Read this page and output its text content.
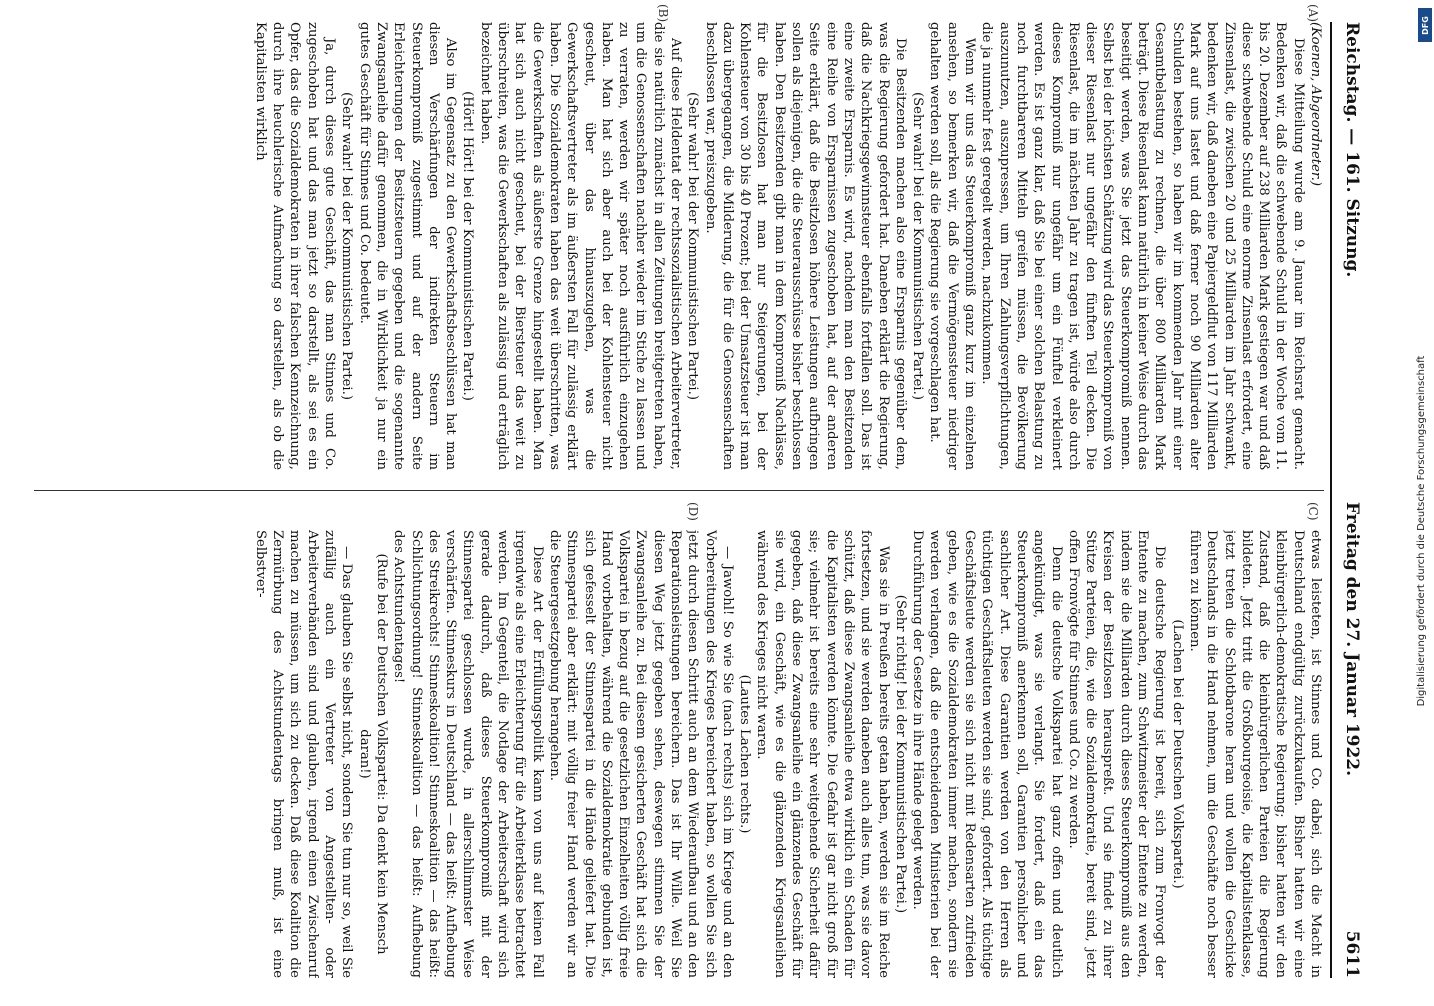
Reichstag. — 161. Sitzung.
Freitag den 27. Januar 1922.
5611

(Koenen, Abgeordneter.)

Diese Mitteilung wurde am 9. Januar im Reichsrat gemacht. Bedenken wir, daß die schwebende Schuld in der Woche vom 11. bis 20. Dezember auf 238 Milliarden Mark gestiegen war und daß diese schwebende Schuld eine enorme Zinsenlast erfordert, eine Zinsenlast, die zwischen 20 und 25 Milliarden im Jahr schwankt, bedenken wir, daß daneben eine Papiergeldflut von 117 Milliarden Mark auf uns lastet und daß ferner noch 90 Milliarden alter Schulden bestehen, so haben wir im kommenden Jahr mit einer Gesamtbelastung zu rechnen, die über 800 Milliarden Mark beträgt. Diese Riesenlast kann natürlich in keiner Weise durch das beseitigt werden, was Sie jetzt das Steuerkompromiß nennen. Selbst bei der höchsten Schätzung wird das Steuerkompromiß von dieser Riesenlast nur ungefähr den fünften Teil decken. Die Riesenlast, die im nächsten Jahr zu tragen ist, würde also durch dieses Kompromiß nur ungefähr um ein Fünftel verkleinert werden. Es ist ganz klar, daß Sie bei einer solchen Belastung zu noch furchtbareren Mitteln greifen müssen, die Bevölkerung auszunutzen, auszupressen, um Ihren Zahlungsverpflichtungen, die ja nunmehr fest geregelt werden, nachzukommen.

Wenn wir uns das Steuerkompromiß ganz kurz im einzelnen ansehen, so bemerken wir, daß die Vermögenssteuer niedriger gehalten werden soll, als die Regierung sie vorgeschlagen hat.

(Sehr wahr! bei der Kommunistischen Partei.)

Die Besitzenden machen also eine Ersparnis gegenüber dem, was die Regierung gefordert hat. Daneben erklärt die Regierung, daß die Nachkriegsgewinnsteuer ebenfalls fortfallen soll. Das ist eine zweite Ersparnis. Es wird, nachdem man den Besitzenden eine Reihe von Ersparnissen zugeschoben hat, auf der anderen Seite erklärt, daß die Besitzlosen höhere Leistungen aufbringen sollen als diejenigen, die die Steuerausschüsse bisher beschlossen haben. Den Besitzenden gibt man in dem Kompromiß Nachlässe, für die Besitzlosen hat man nur Steigerungen, bei der Kohlensteuer von 30 bis 40 Prozent; bei der Umsatzsteuer ist man dazu übergegangen, die Milderung, die für die Genossenschaften beschlossen war, preiszugeben.

(Sehr wahr! bei der Kommunistischen Partei.)

Auf diese Heldentat der rechtssozialistischen Arbeitervertreter, die sie natürlich zunächst in allen Zeitungen breitgetreten haben, um die Genossenschaften nachher wieder im Stiche zu lassen und zu verraten, werden wir später noch ausführlich einzugehen haben. Man hat sich aber auch bei der Kohlensteuer nicht gescheut, über das hinauszugehen, was die Gewerkschaftsvertreter als im äußersten Fall für zulässig erklärt haben. Die Sozialdemokraten haben das weit überschritten, was die Gewerkschaften als äußerste Grenze hingestellt haben. Man hat sich auch nicht gescheut, bei der Biersteuer das weit zu überschreiten, was die Gewerkschaften als zulässig und erträglich bezeichnet haben.

(Hört! Hört! bei der Kommunistischen Partei.)

Also im Gegensatz zu den Gewerkschaftsbeschlüssen hat man diesen Verschärfungen der indirekten Steuern im Steuerkompromiß zugestimmt und auf der andern Seite Erleichterungen der Besitzsteuern gegeben und die sogenannte Zwangsanleihe dafür genommen, die in Wirklichkeit ja nur ein gutes Geschäft für Stinnes und Co. bedeutet.

(Sehr wahr! bei der Kommunistischen Partei.)

Ja, durch dieses gute Geschäft, das man Stinnes und Co. zugeschoben hat und das man jetzt so darstellt, als sei es ein Opfer, das die Sozialdemokraten in ihrer falschen Kennzeichnung, durch ihre heuchlerische Aufmachung so darstellen, als ob die Kapitalisten wirklich

etwas leisteten, ist Stinnes und Co. dabei, sich die Macht in Deutschland endgültig zurückzukaufen. Bisher hatten wir eine kleinbürgerlich-demokratische Regierung; bisher hatten wir den Zustand, daß die kleinbürgerlichen Parteien die Regierung bildeten. Jetzt tritt die Großbourgeoisie, die Kapitalistenklasse, jetzt treten die Schlotbarone heran und wollen die Geschicke Deutschlands in die Hand nehmen, um die Geschäfte noch besser führen zu können.

(Lachen bei der Deutschen Volkspartei.)

Die deutsche Regierung ist bereit, sich zum Fronvogt der Entente zu machen, zum Schwitzmeister der Entente zu werden, indem sie die Milliarden durch dieses Steuerkompromiß aus den Kreisen der Besitzlosen herauspreßt. Und sie findet zu ihrer Stütze Parteien, die, wie die Sozialdemokratie, bereit sind, jetzt offen Fronvögte für Stinnes und Co. zu werden.

Denn die deutsche Volkspartei hat ganz offen und deutlich angekündigt, was sie verlangt. Sie fordert, daß ein das Steuerkompromiß anerkennen soll, Garantien persönlicher und sachlicher Art. Diese Garantien werden von den Herren als tüchtigen Geschäftsleuten werden sie sind, gefordert. Als tüchtige Geschäftsleute werden sie sich nicht mit Redensarten zufrieden geben, wie es die Sozialdemokraten immer machen, sondern sie werden verlangen, daß die entscheidenden Ministerien bei der Durchführung der Gesetze in ihre Hände gelegt werden.

(Sehr richtig! bei der Kommunistischen Partei.)

Was sie in Preußen bereits getan haben, werden sie im Reiche fortsetzen, und sie werden daneben auch alles tun, was sie davor schützt, daß diese Zwangsanleihe etwa wirklich ein Schaden für die Kapitalisten werden könnte. Die Gefahr ist gar nicht groß für sie; vielmehr ist bereits eine sehr weitgehende Sicherheit dafür gegeben, daß diese Zwangsanleihe ein glänzendes Geschäft für sie wird, ein Geschäft, wie es die glänzenden Kriegsanleihen während des Krieges nicht waren.

(Lautes Lachen rechts.)

— Jawohl! So wie Sie (nach rechts) sich im Kriege und an den Vorbereitungen des Krieges bereichert haben, so wollen Sie sich jetzt durch diesen Schritt auch an dem Wiederaufbau und an den Reparationsleistungen bereichern. Das ist Ihr Wille. Weil Sie diesen Weg jetzt gegeben sehen, deswegen stimmen Sie der Zwangsanleihe zu. Bei diesem gesicherten Geschäft hat sich die Volkspartei in bezug auf die gesetzlichen Einzelheiten völlig freie Hand vorbehalten, während die Sozialdemokratie gebunden ist, sich gefesselt der Stinnespartei in die Hände geliefert hat. Die Stinnespartei aber erklärt: mit völlig freier Hand werden wir an die Steuergesetzgebung herangehen.

Diese Art der Erfüllungspolitik kann von uns auf keinen Fall irgendwie als eine Erleichterung für die Arbeiterklasse betrachtet werden. Im Gegenteil, die Notlage der Arbeiterschaft wird sich gerade dadurch, daß dieses Steuerkompromiß mit der Stinnespartei geschlossen wurde, in allerschlimmster Weise verschärfen. Stinneskurs in Deutschland — das heißt: Aufhebung des Streikrechts! Stinneskoalition! Stinneskoalition — das heißt: Schlichtungsordnung! Stinneskoalition — das heißt: Aufhebung des Achtstundentages!

(Rufe bei der Deutschen Volkspartei: Da denkt kein Mensch daran!)

— Das glauben Sie selbst nicht, sondern Sie tun nur so, weil Sie zufällig auch ein Vertreter von Angestellten- oder Arbeiterverbänden sind und glauben, irgend einen Zwischenruf machen zu müssen, um sich zu decken. Daß diese Koalition die Zermürbung des Achtstundentags bringen muß, ist eine Selbstver-

(A)
(B)
(C)
(D)
DFG
Digitalisierung gefördert durch die Deutsche Forschungsgemeinschaft
